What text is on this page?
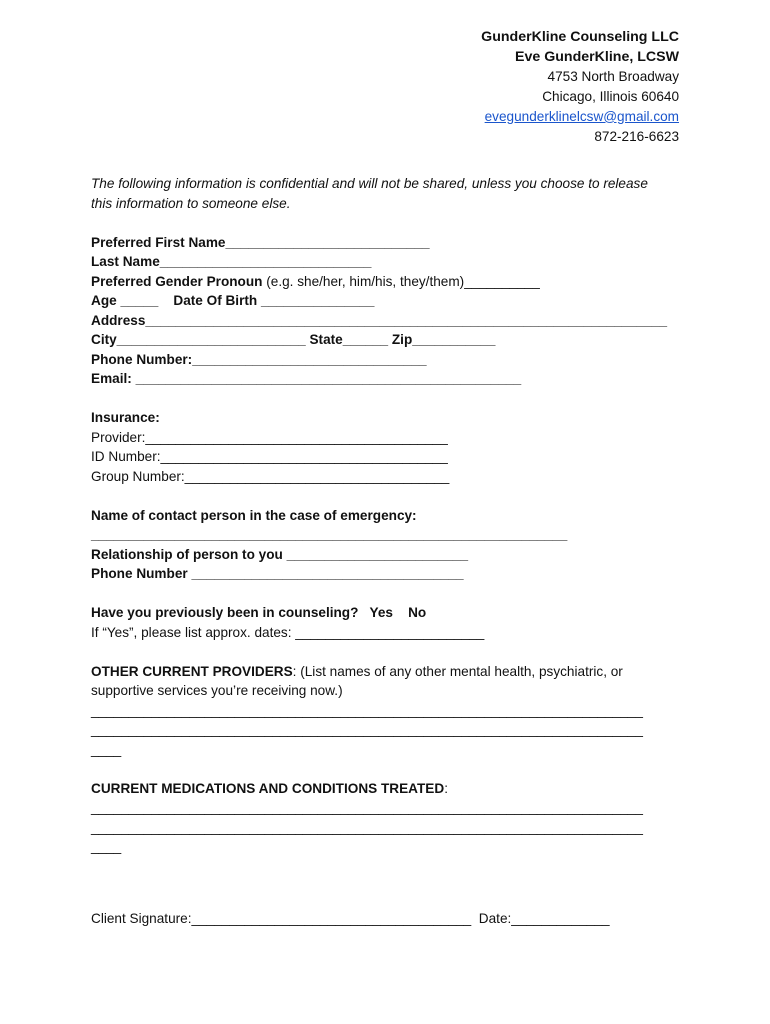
GunderKline Counseling LLC
Eve GunderKline, LCSW
4753 North Broadway
Chicago, Illinois 60640
evegunderklinelcsw@gmail.com
872-216-6623
The following information is confidential and will not be shared, unless you choose to release
this information to someone else.
Preferred First Name___________________________
Last Name____________________________
Preferred Gender Pronoun (e.g. she/her, him/his, they/them)__________
Age _____ Date Of Birth _______________
Address_____________________________________________________________________
City_________________________ State______ Zip___________
Phone Number:_______________________________
Email: ___________________________________________________
Insurance:
Provider:________________________________________
ID Number:______________________________________
Group Number:___________________________________
Name of contact person in the case of emergency:
_______________________________________________________________
Relationship of person to you ________________________
Phone Number ____________________________________
Have you previously been in counseling? Yes No
If “Yes”, please list approx. dates: _________________________
OTHER CURRENT PROVIDERS: (List names of any other mental health, psychiatric, or
supportive services you’re receiving now.)
_________________________________________________________________________
_________________________________________________________________________
____
CURRENT MEDICATIONS AND CONDITIONS TREATED:
_________________________________________________________________________
_________________________________________________________________________
____
Client Signature:_____________________________________ Date:_____________
